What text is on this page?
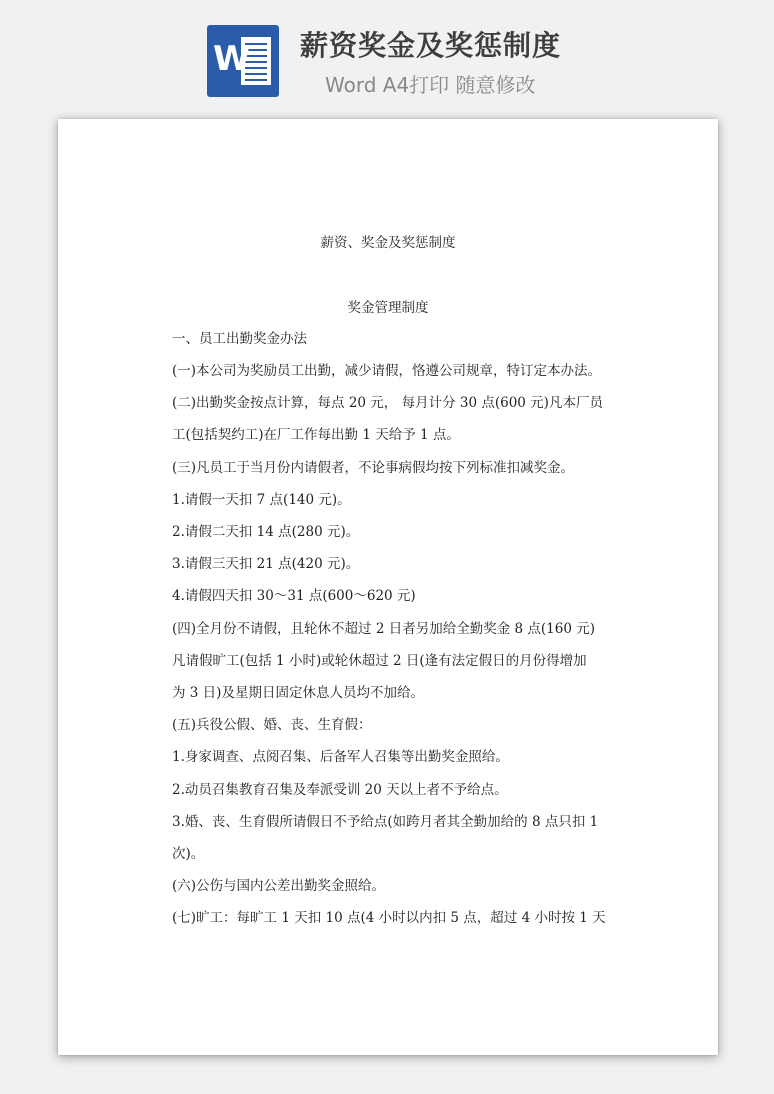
W 薪资奖金及奖惩制度
Word A4打印 随意修改
薪资、奖金及奖惩制度
奖金管理制度
一、员工出勤奖金办法
(一)本公司为奖励员工出勤，减少请假，恪遵公司规章，特订定本办法。
(二)出勤奖金按点计算，每点 20 元， 每月计分 30 点(600 元)凡本厂员
工(包括契约工)在厂工作每出勤 1 天给予 1 点。
(三)凡员工于当月份内请假者，不论事病假均按下列标准扣减奖金。
1.请假一天扣 7 点(140 元)。
2.请假二天扣 14 点(280 元)。
3.请假三天扣 21 点(420 元)。
4.请假四天扣 30～31 点(600～620 元)
(四)全月份不请假，且轮休不超过 2 日者另加给全勤奖金 8 点(160 元)
凡请假旷工(包括 1 小时)或轮休超过 2 日(逢有法定假日的月份得增加
为 3 日)及星期日固定休息人员均不加给。
(五)兵役公假、婚、丧、生育假：
1.身家调查、点阅召集、后备军人召集等出勤奖金照给。
2.动员召集教育召集及奉派受训 20 天以上者不予给点。
3.婚、丧、生育假所请假日不予给点(如跨月者其全勤加给的 8 点只扣 1
次)。
(六)公伤与国内公差出勤奖金照给。
(七)旷工：每旷工 1 天扣 10 点(4 小时以内扣 5 点，超过 4 小时按 1 天
